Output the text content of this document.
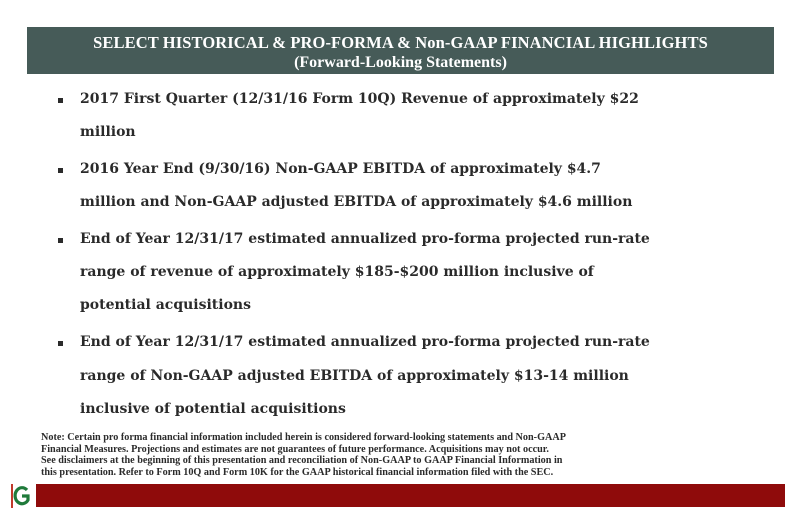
SELECT HISTORICAL & PRO-FORMA & Non-GAAP FINANCIAL HIGHLIGHTS
(Forward-Looking Statements)
2017 First Quarter (12/31/16 Form 10Q) Revenue of approximately $22
million
2016 Year End (9/30/16) Non-GAAP EBITDA of approximately $4.7
million and Non-GAAP adjusted EBITDA of approximately $4.6 million
End of Year 12/31/17 estimated annualized pro-forma projected run-rate
range of revenue of approximately $185-$200 million inclusive of
potential acquisitions
End of Year 12/31/17 estimated annualized pro-forma projected run-rate
range of Non-GAAP adjusted EBITDA of approximately $13-14 million
inclusive of potential acquisitions
Note: Certain pro forma financial information included herein is considered forward-looking statements and Non-GAAP
Financial Measures. Projections and estimates are not guarantees of future performance. Acquisitions may not occur.
See disclaimers at the beginning of this presentation and reconciliation of Non-GAAP to GAAP Financial Information in
this presentation. Refer to Form 10Q and Form 10K for the GAAP historical financial information filed with the SEC.
